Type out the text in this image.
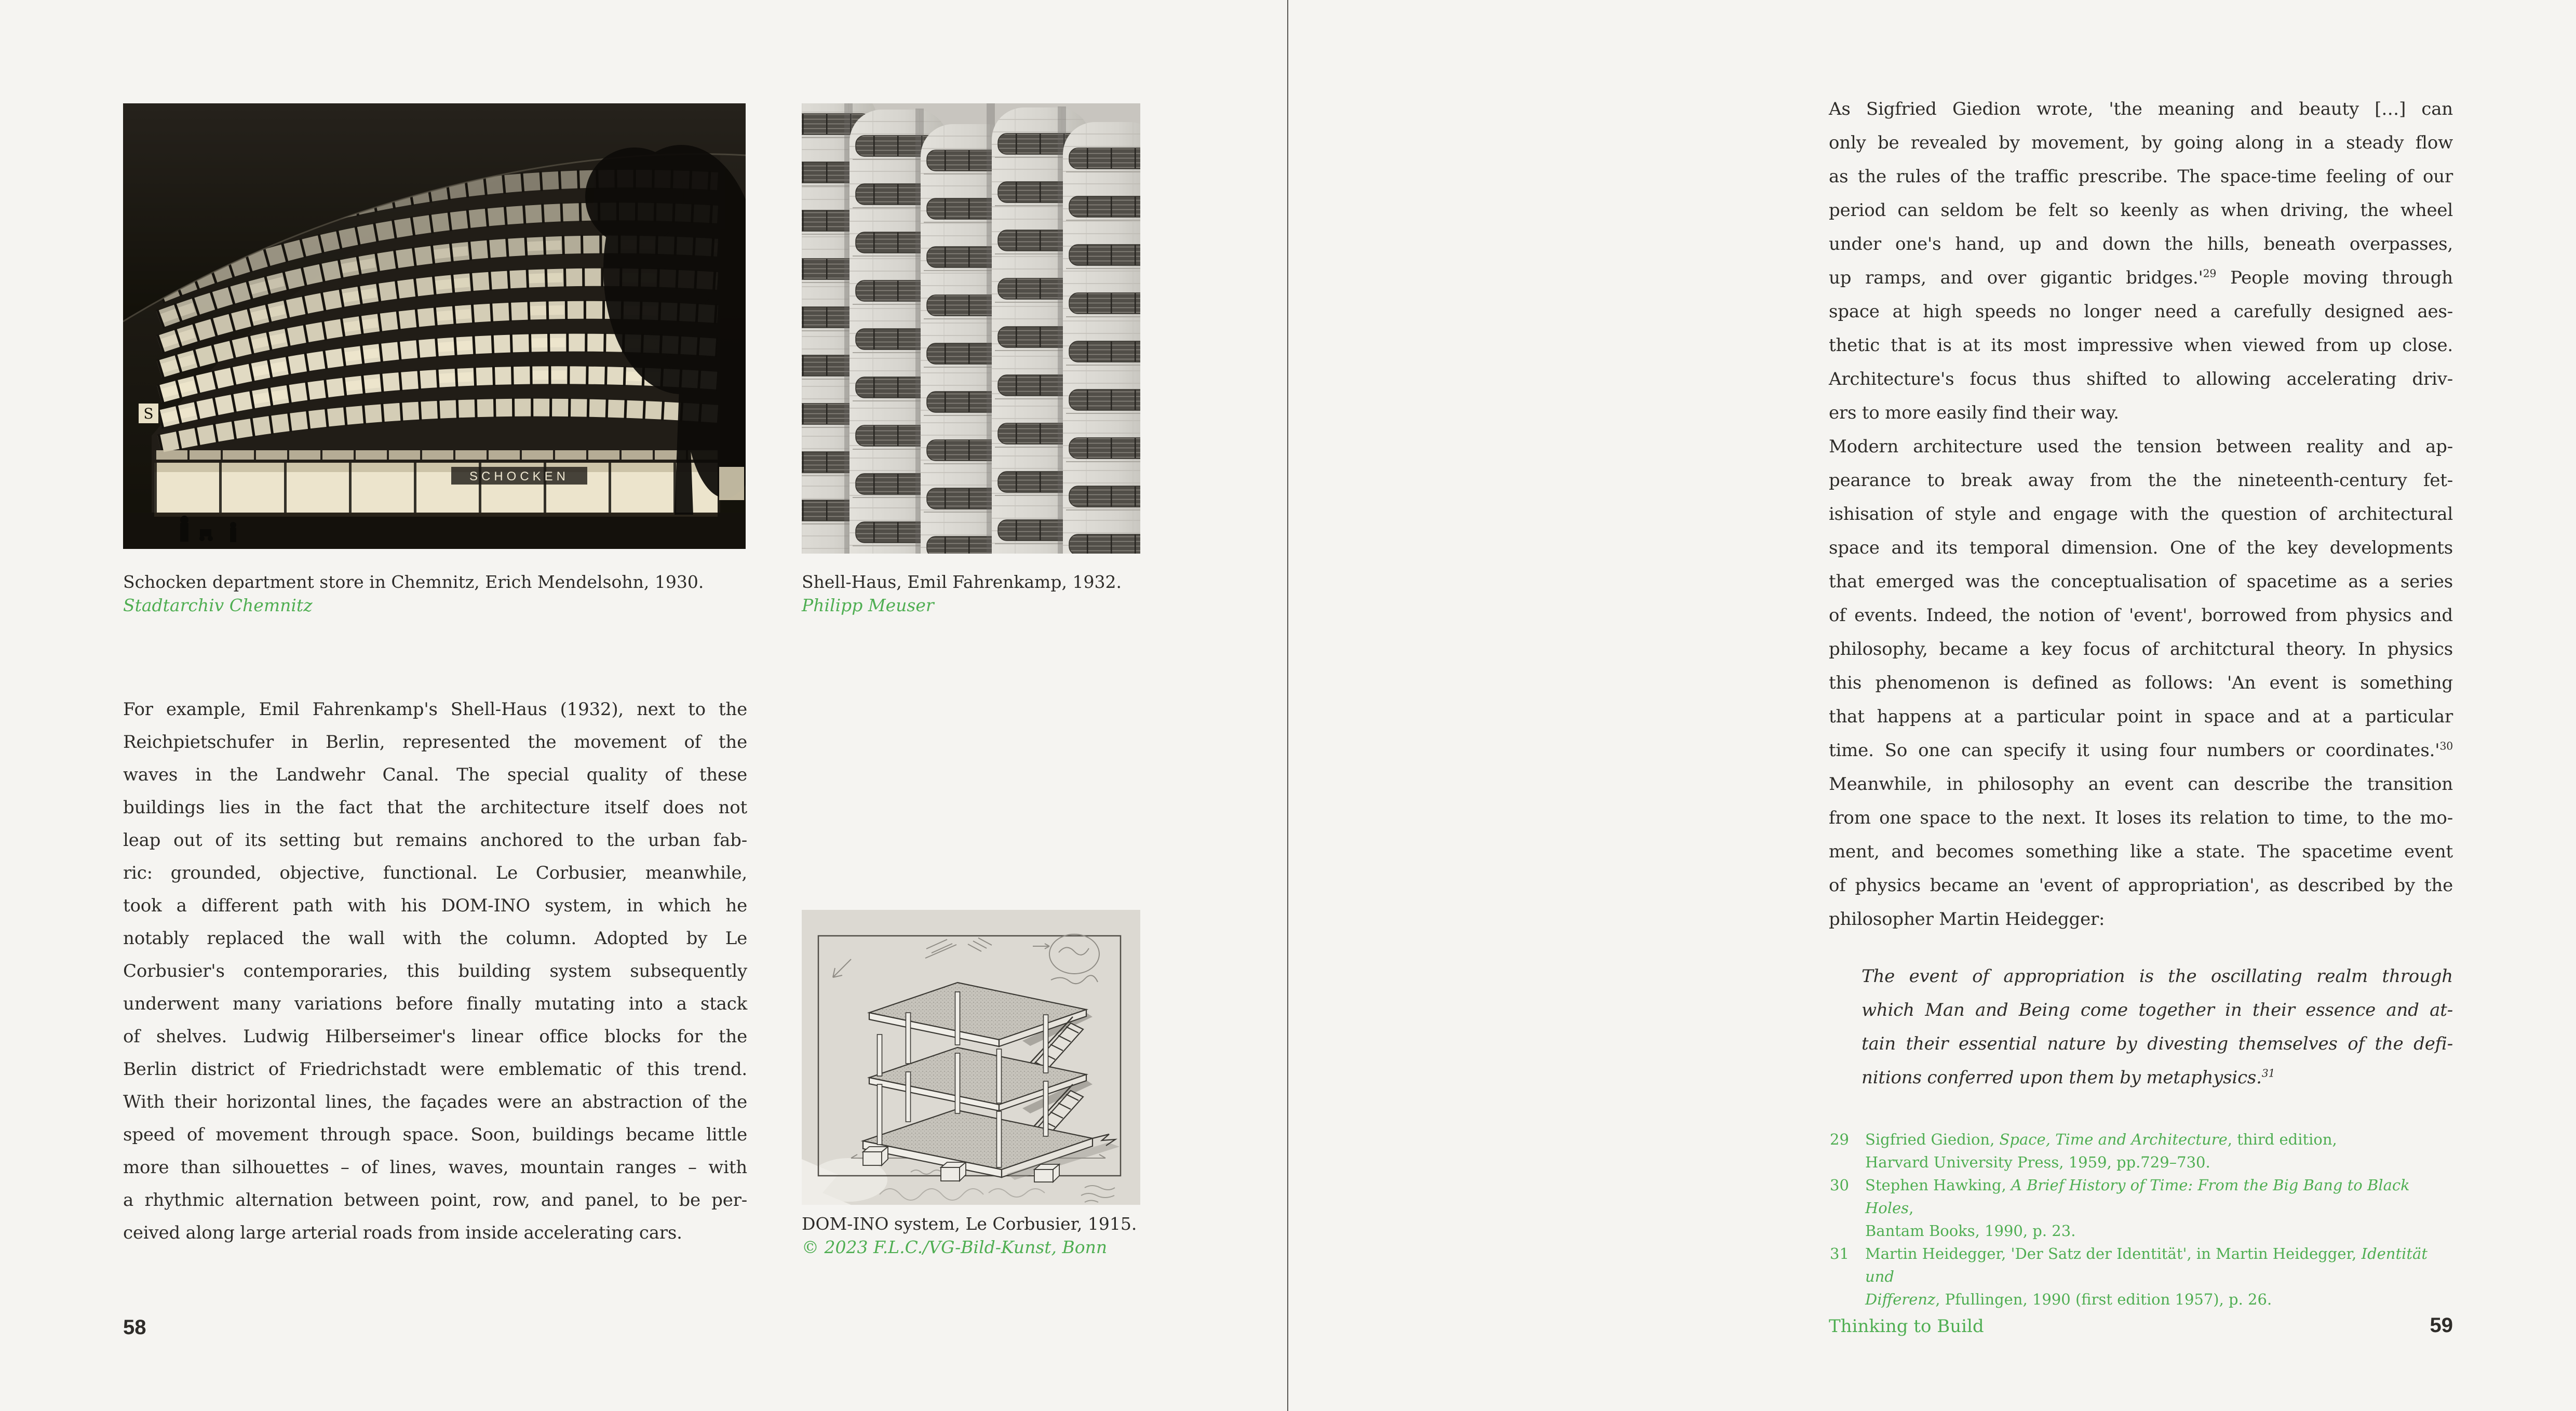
SCHOCKEN
S
Schocken department store in Chemnitz, Erich Mendelsohn, 1930.
Stadtarchiv Chemnitz
Shell-Haus, Emil Fahrenkamp, 1932.
Philipp Meuser
For example, Emil Fahrenkamp's Shell-Haus (1932), next to the
Reichpietschufer in Berlin, represented the movement of the
waves in the Landwehr Canal. The special quality of these
buildings lies in the fact that the architecture itself does not
leap out of its setting but remains anchored to the urban fab-
ric: grounded, objective, functional. Le Corbusier, meanwhile,
took a different path with his DOM-INO system, in which he
notably replaced the wall with the column. Adopted by Le
Corbusier's contemporaries, this building system subsequently
underwent many variations before finally mutating into a stack
of shelves. Ludwig Hilberseimer's linear office blocks for the
Berlin district of Friedrichstadt were emblematic of this trend.
With their horizontal lines, the façades were an abstraction of the
speed of movement through space. Soon, buildings became little
more than silhouettes – of lines, waves, mountain ranges – with
a rhythmic alternation between point, row, and panel, to be per-
ceived along large arterial roads from inside accelerating cars.	DOM-INO system, Le Corbusier, 1915.
© 2023 F.L.C./VG-Bild-Kunst, Bonn
58
As Sigfried Giedion wrote, 'the meaning and beauty […] can
only be revealed by movement, by going along in a steady flow
as the rules of the traffic prescribe. The space-time feeling of our
period can seldom be felt so keenly as when driving, the wheel
under one's hand, up and down the hills, beneath overpasses,
up ramps, and over gigantic $bridges.'^{29}$ People moving through
space at high speeds no longer need a carefully designed aes-
thetic that is at its most impressive when viewed from up close.
Architecture's focus thus shifted to allowing accelerating driv-
ers to more easily find their way.
Modern architecture used the tension between reality and ap-
pearance to break away from the the nineteenth-century fet-
ishisation of style and engage with the question of architectural
space and its temporal dimension. One of the key developments
that emerged was the conceptualisation of spacetime as a series
of events. Indeed, the notion of 'event', borrowed from physics and
philosophy, became a key focus of architctural theory. In physics
this phenomenon is defined as follows: 'An event is something
that happens at a particular point in space and at a particular
time. So one can specify it using four numbers or $coordinates.'^{30}$
Meanwhile, in philosophy an event can describe the transition
from one space to the next. It loses its relation to time, to the mo-
ment, and becomes something like a state. The spacetime event
of physics became an 'event of appropriation', as described by the
philosopher Martin Heidegger:
The event of appropriation is the oscillating realm through
which Man and Being come together in their essence and at-
tain their essential nature by divesting themselves of the defi-
nitions conferred upon them by metaphysics.$^{31}$
29 Sigfried Giedion, Space, Time and Architecture, third edition,
Harvard University Press, 1959, pp.729–730.
30 Stephen Hawking, A Brief History of Time: From the Big Bang to Black Holes,
Bantam Books, 1990, p. 23.
31 Martin Heidegger, 'Der Satz der Identität', in Martin Heidegger, Identität und
Differenz, Pfullingen, 1990 (first edition 1957), p. 26.
Thinking to Build	59
